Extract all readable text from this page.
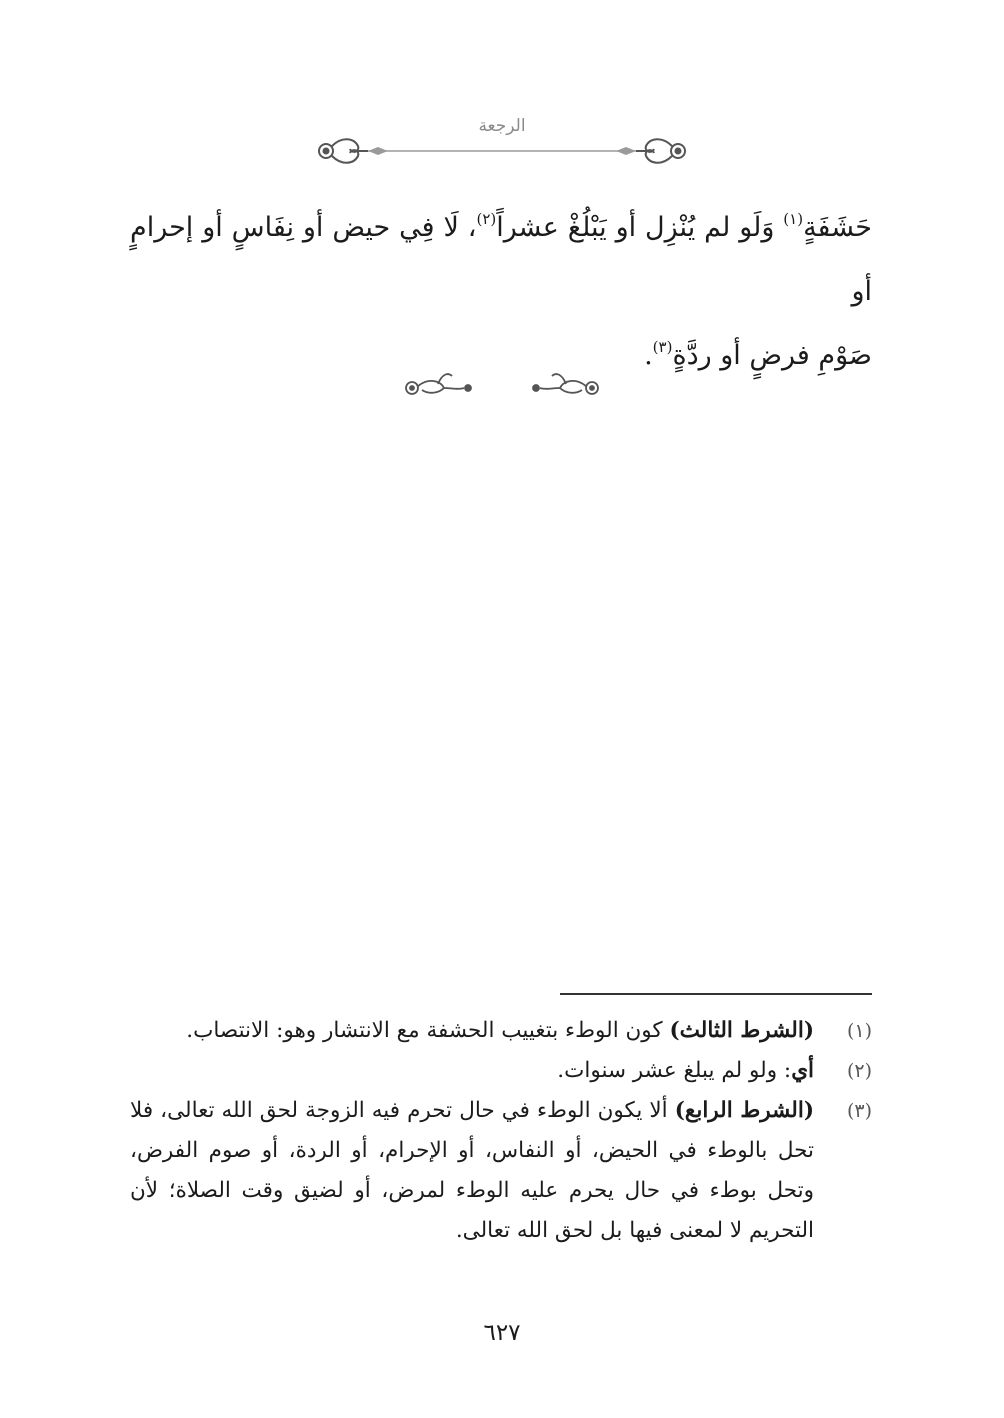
الرجعة

حَشَفَةٍ$^{(١)}$ وَلَو لم يُنْزِل أو يَبْلُغْ عشراً$^{(٢)}$، لَا فِي حيض أو نِفَاسٍ أو إحرامٍ أو

صَوْمِ فرضٍ أو ردَّةٍ$^{(٣)}$.

(١)
(الشرط الثالث) كون الوطء بتغييب الحشفة مع الانتشار وهو: الانتصاب.
(٢)
أي: ولو لم يبلغ عشر سنوات.
(٣)
(الشرط الرابع) ألا يكون الوطء في حال تحرم فيه الزوجة لحق الله تعالى، فلا تحل بالوطء في الحيض، أو النفاس، أو الإحرام، أو الردة، أو صوم الفرض، وتحل بوطء في حال يحرم عليه الوطء لمرض، أو لضيق وقت الصلاة؛ لأن التحريم لا لمعنى فيها بل لحق الله تعالى.
٦٢٧
